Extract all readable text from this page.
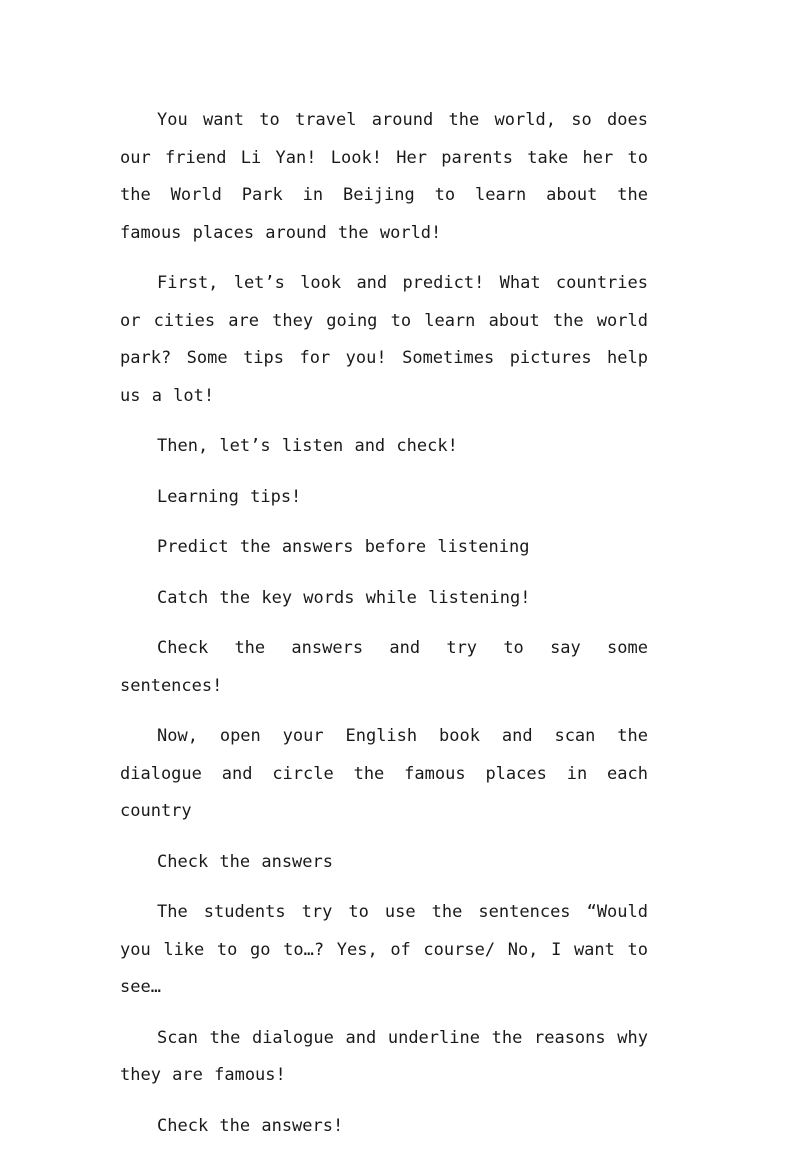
You want to travel around the world, so does our friend Li Yan! Look! Her parents take her to the World Park in Beijing to learn about the famous places around the world!

First, let’s look and predict! What countries or cities are they going to learn about the world park? Some tips for you! Sometimes pictures help us a lot!

Then, let’s listen and check!

Learning tips!

Predict the answers before listening

Catch the key words while listening!

Check the answers and try to say some sentences!

Now, open your English book and scan the dialogue and circle the famous places in each country

Check the answers

The students try to use the sentences “Would you like to go to…? Yes, of course/ No, I want to see…

Scan the dialogue and underline the reasons why they are famous!

Check the answers!
